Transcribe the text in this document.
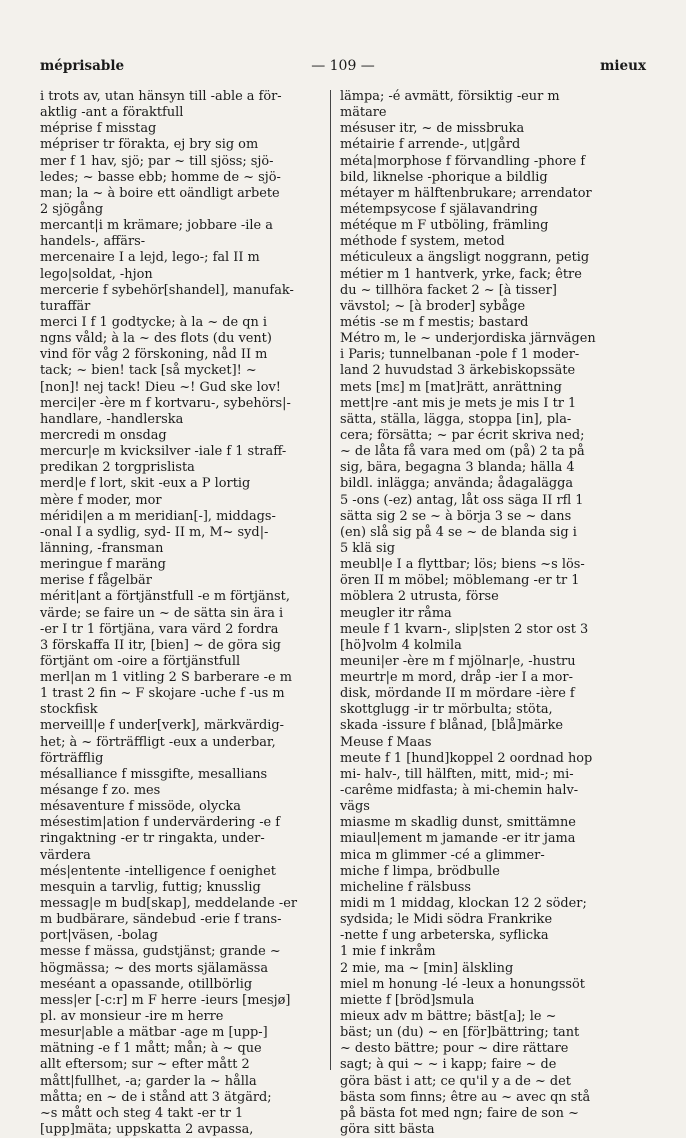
méprisable	— 109 —	mieux
i trots av, utan hänsyn till -able a för-
aktlig -ant a föraktfull
méprise f misstag
mépriser tr förakta, ej bry sig om
mer f 1 hav, sjö; par ~ till sjöss; sjö-
ledes; ~ basse ebb; homme de ~ sjö-
man; la ~ à boire ett oändligt arbete
2 sjögång
mercant|i m krämare; jobbare -ile a
handels-, affärs-
mercenaire I a lejd, lego-; fal II m
lego|soldat, -hjon
mercerie f sybehör[shandel], manufak-
turaffär
merci I f 1 godtycke; à la ~ de qn i
ngns våld; à la ~ des flots (du vent)
vind för våg 2 förskoning, nåd II m
tack; ~ bien! tack [så mycket]! ~
[non]! nej tack! Dieu ~! Gud ske lov!
merci|er -ère m f kortvaru-, sybehörs|-
handlare, -handlerska
mercredi m onsdag
mercur|e m kvicksilver -iale f 1 straff-
predikan 2 torgprislista
merd|e f lort, skit -eux a P lortig
mère f moder, mor
méridi|en a m meridian[-], middags-
-onal I a sydlig, syd- II m, M~ syd|-
länning, -fransman
meringue f maräng
merise f fågelbär
mérit|ant a förtjänstfull -e m förtjänst,
värde; se faire un ~ de sätta sin ära i
-er I tr 1 förtjäna, vara värd 2 fordra
3 förskaffa II itr, [bien] ~ de göra sig
förtjänt om -oire a förtjänstfull
merl|an m 1 vitling 2 S barberare -e m
1 trast 2 fin ~ F skojare -uche f -us m
stockfisk
merveill|e f under[verk], märkvärdig-
het; à ~ förträffligt -eux a underbar,
förträfflig
mésalliance f missgifte, mesallians
mésange f zo. mes
mésaventure f missöde, olycka
mésestim|ation f undervärdering -e f
ringaktning -er tr ringakta, under-
värdera
més|entente -intelligence f oenighet
mesquin a tarvlig, futtig; knusslig
messag|e m bud[skap], meddelande -er
m budbärare, sändebud -erie f trans-
port|väsen, -bolag
messe f mässa, gudstjänst; grande ~
högmässa; ~ des morts själamässa
meséant a opassande, otillbörlig
mess|er [-c:r] m F herre -ieurs [mesjø]
pl. av monsieur -ire m herre
mesur|able a mätbar -age m [upp-]
mätning -e f 1 mått; mån; à ~ que
allt eftersom; sur ~ efter mått 2
mått|fullhet, -a; garder la ~ hålla
måtta; en ~ de i stånd att 3 ätgärd;
~s mått och steg 4 takt -er tr 1
[upp]mäta; uppskatta 2 avpassa,
lämpa; -é avmätt, försiktig -eur m
mätare
mésuser itr, ~ de missbruka
métairie f arrende-, ut|gård
méta|morphose f förvandling -phore f
bild, liknelse -phorique a bildlig
métayer m hälftenbrukare; arrendator
métempsycose f själavandring
météque m F utböling, främling
méthode f system, metod
méticuleux a ängsligt noggrann, petig
métier m 1 hantverk, yrke, fack; être
du ~ tillhöra facket 2 ~ [à tisser]
vävstol; ~ [à broder] sybåge
métis -se m f mestis; bastard
Métro m, le ~ underjordiska järnvägen
i Paris; tunnelbanan -pole f 1 moder-
land 2 huvudstad 3 ärkebiskopssäte
mets [mɛ] m [mat]rätt, anrättning
mett|re -ant mis je mets je mis I tr 1
sätta, ställa, lägga, stoppa [in], pla-
cera; försätta; ~ par écrit skriva ned;
~ de låta få vara med om (på) 2 ta på
sig, bära, begagna 3 blanda; hälla 4
bildl. inlägga; använda; ådagalägga
5 -ons (-ez) antag, låt oss säga II rfl 1
sätta sig 2 se ~ à börja 3 se ~ dans
(en) slå sig på 4 se ~ de blanda sig i
5 klä sig
meubl|e I a flyttbar; lös; biens ~s lös-
ören II m möbel; möblemang -er tr 1
möblera 2 utrusta, förse
meugler itr råma
meule f 1 kvarn-, slip|sten 2 stor ost 3
[hö]volm 4 kolmila
meuni|er -ère m f mjölnar|e, -hustru
meurtr|e m mord, dråp -ier I a mor-
disk, mördande II m mördare -ière f
skottglugg -ir tr mörbulta; stöta,
skada -issure f blånad, [blå]märke
Meuse f Maas
meute f 1 [hund]koppel 2 oordnad hop
mi- halv-, till hälften, mitt, mid-; mi-
-carême midfasta; à mi-chemin halv-
vägs
miasme m skadlig dunst, smittämne
miaul|ement m jamande -er itr jama
mica m glimmer -cé a glimmer-
miche f limpa, brödbulle
micheline f rälsbuss
midi m 1 middag, klockan 12 2 söder;
sydsida; le Midi södra Frankrike
-nette f ung arbeterska, syflicka
1 mie f inkråm
2 mie, ma ~ [min] älskling
miel m honung -lé -leux a honungssöt
miette f [bröd]smula
mieux adv m bättre; bäst[a]; le ~
bäst; un (du) ~ en [för]bättring; tant
~ desto bättre; pour ~ dire rättare
sagt; à qui ~ ~ i kapp; faire ~ de
göra bäst i att; ce qu'il y a de ~ det
bästa som finns; être au ~ avec qn stå
på bästa fot med ngn; faire de son ~
göra sitt bästa
